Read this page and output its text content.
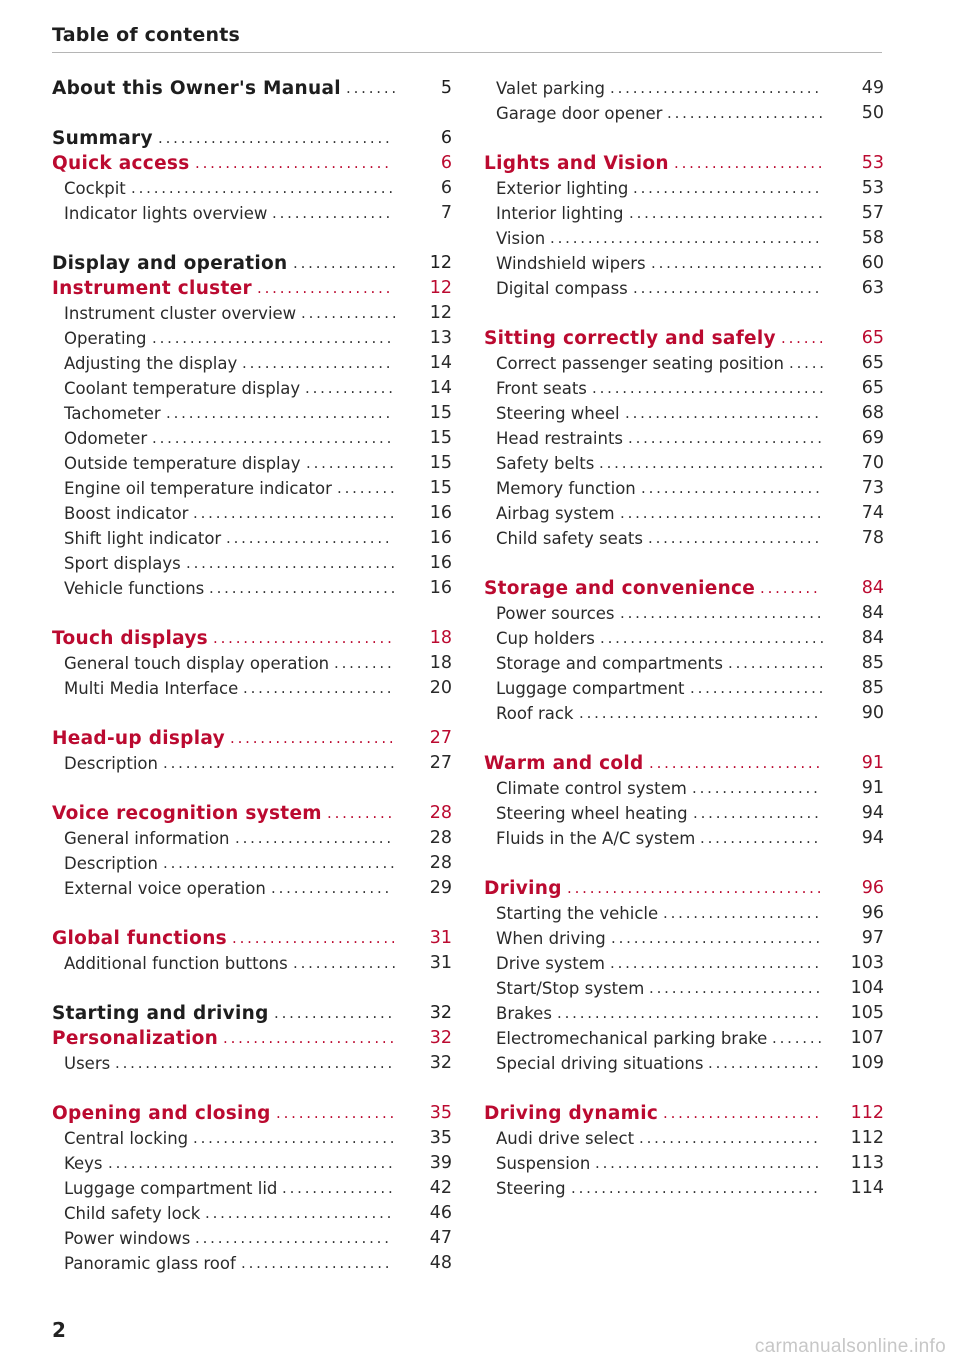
Table of contents
About this Owner's Manual .......	5
Summary ...............................	6
Quick access ..........................	6
Cockpit ...................................	6
Indicator lights overview ................	7
Display and operation ..............	12
Instrument cluster ..................	12
Instrument cluster overview .............	12
Operating ................................	13
Adjusting the display ....................	14
Coolant temperature display ............	14
Tachometer ..............................	15
Odometer ................................	15
Outside temperature display ............	15
Engine oil temperature indicator ........	15
Boost indicator ...........................	16
Shift light indicator ......................	16
Sport displays ............................	16
Vehicle functions .........................	16
Touch displays ........................	18
General touch display operation ........	18
Multi Media Interface ....................	20
Head-up display ......................	27
Description ...............................	27
Voice recognition system .........	28
General information .....................	28
Description ...............................	28
External voice operation ................	29
Global functions ......................	31
Additional function buttons ..............	31
Starting and driving ................	32
Personalization .......................	32
Users .....................................	32
Opening and closing ................	35
Central locking ...........................	35
Keys ......................................	39
Luggage compartment lid ...............	42
Child safety lock .........................	46
Power windows ..........................	47
Panoramic glass roof ....................	48
Valet parking ............................	49
Garage door opener .....................	50
Lights and Vision ....................	53
Exterior lighting .........................	53
Interior lighting ..........................	57
Vision ....................................	58
Windshield wipers .......................	60
Digital compass .........................	63
Sitting correctly and safely ......	65
Correct passenger seating position .....	65
Front seats ...............................	65
Steering wheel ..........................	68
Head restraints ..........................	69
Safety belts ..............................	70
Memory function ........................	73
Airbag system ...........................	74
Child safety seats .......................	78
Storage and convenience ........	84
Power sources ...........................	84
Cup holders ..............................	84
Storage and compartments .............	85
Luggage compartment ..................	85
Roof rack ................................	90
Warm and cold .......................	91
Climate control system .................	91
Steering wheel heating .................	94
Fluids in the A/C system ................	94
Driving ..................................	96
Starting the vehicle .....................	96
When driving ............................	97
Drive system ............................	103
Start/Stop system .......................	104
Brakes ...................................	105
Electromechanical parking brake .......	107
Special driving situations ...............	109
Driving dynamic .....................	112
Audi drive select ........................	112
Suspension ..............................	113
Steering .................................	114
2
carmanualsonline.info
